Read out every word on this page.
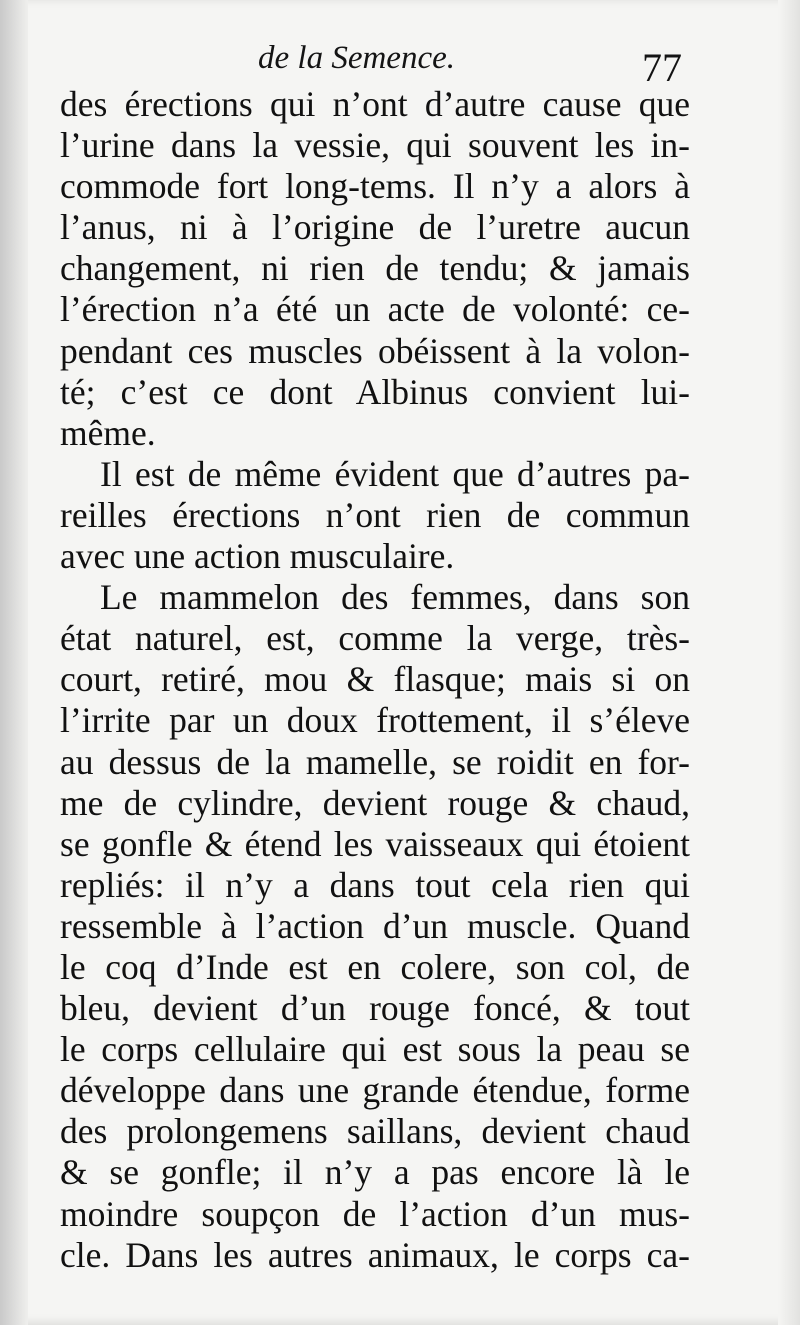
de la Semence.	77
des érections qui n’ont d’autre cause que
l’urine dans la vessie, qui souvent les in-
commode fort long-tems. Il n’y a alors à
l’anus, ni à l’origine de l’uretre aucun
changement, ni rien de tendu; & jamais
l’érection n’a été un acte de volonté: ce-
pendant ces muscles obéissent à la volon-
té; c’est ce dont Albinus convient lui-
même.
Il est de même évident que d’autres pa-
reilles érections n’ont rien de commun
avec une action musculaire.
Le mammelon des femmes, dans son
état naturel, est, comme la verge, très-
court, retiré, mou & flasque; mais si on
l’irrite par un doux frottement, il s’éleve
au dessus de la mamelle, se roidit en for-
me de cylindre, devient rouge & chaud,
se gonfle & étend les vaisseaux qui étoient
repliés: il n’y a dans tout cela rien qui
ressemble à l’action d’un muscle. Quand
le coq d’Inde est en colere, son col, de
bleu, devient d’un rouge foncé, & tout
le corps cellulaire qui est sous la peau se
développe dans une grande étendue, forme
des prolongemens saillans, devient chaud
& se gonfle; il n’y a pas encore là le
moindre soupçon de l’action d’un mus-
cle. Dans les autres animaux, le corps ca-
